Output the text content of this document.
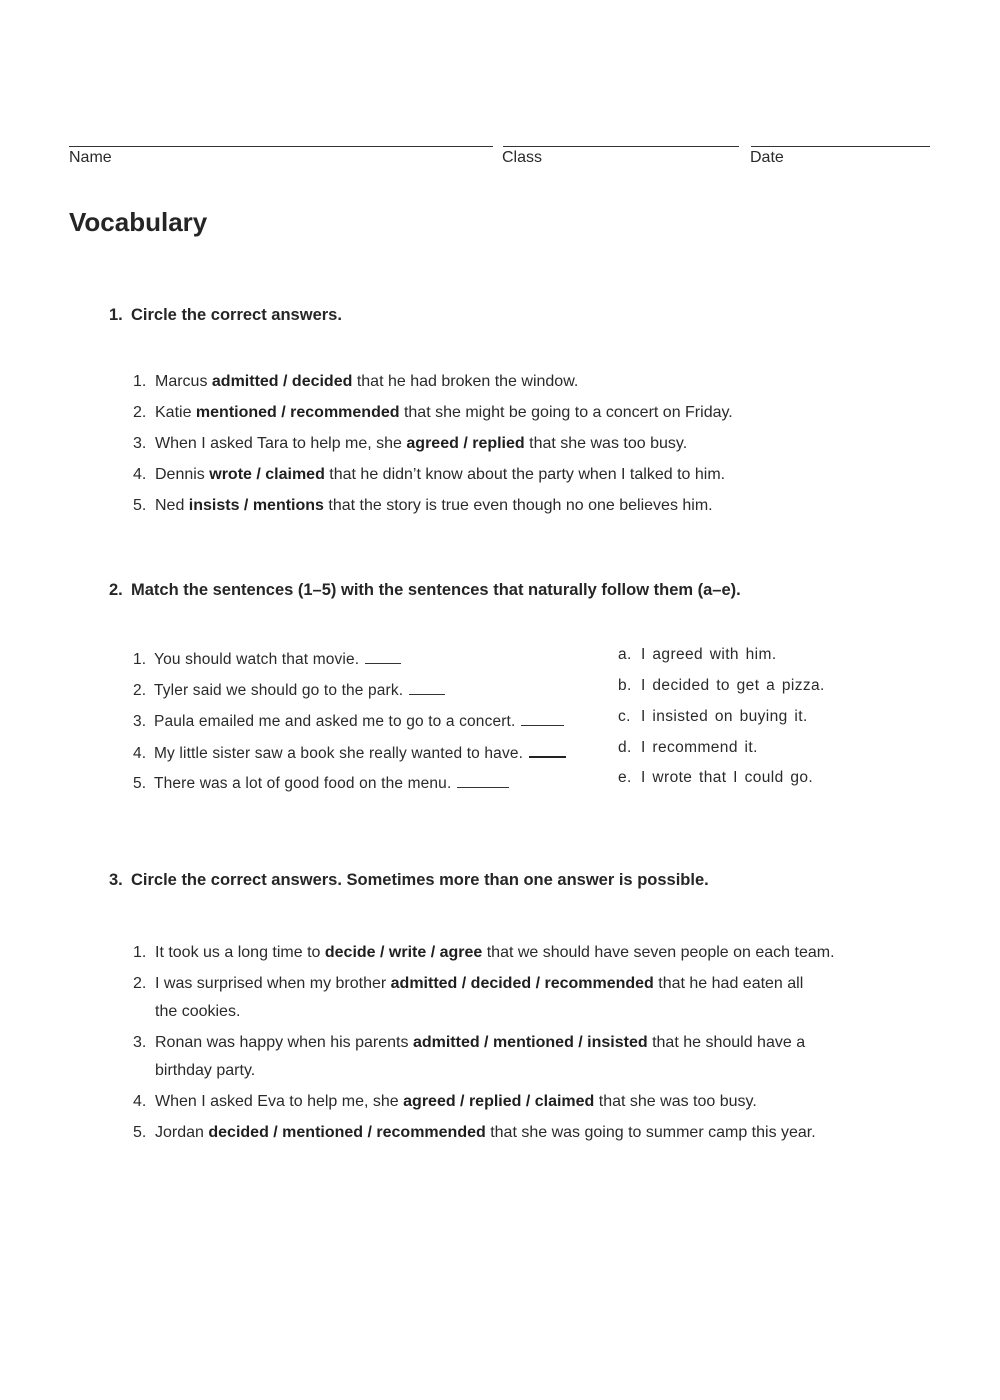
Name	Class	Date
Vocabulary
1. Circle the correct answers.
1. Marcus admitted / decided that he had broken the window.
2. Katie mentioned / recommended that she might be going to a concert on Friday.
3. When I asked Tara to help me, she agreed / replied that she was too busy.
4. Dennis wrote / claimed that he didn’t know about the party when I talked to him.
5. Ned insists / mentions that the story is true even though no one believes him.
2. Match the sentences (1–5) with the sentences that naturally follow them (a–e).
1. You should watch that movie.
2. Tyler said we should go to the park.
3. Paula emailed me and asked me to go to a concert.
4. My little sister saw a book she really wanted to have.
5. There was a lot of good food on the menu.
a. I agreed with him.
b. I decided to get a pizza.
c. I insisted on buying it.
d. I recommend it.
e. I wrote that I could go.
3. Circle the correct answers. Sometimes more than one answer is possible.
1. It took us a long time to decide / write / agree that we should have seven people on each team.
2. I was surprised when my brother admitted / decided / recommended that he had eaten all
the cookies.
3. Ronan was happy when his parents admitted / mentioned / insisted that he should have a
birthday party.
4. When I asked Eva to help me, she agreed / replied / claimed that she was too busy.
5. Jordan decided / mentioned / recommended that she was going to summer camp this year.
